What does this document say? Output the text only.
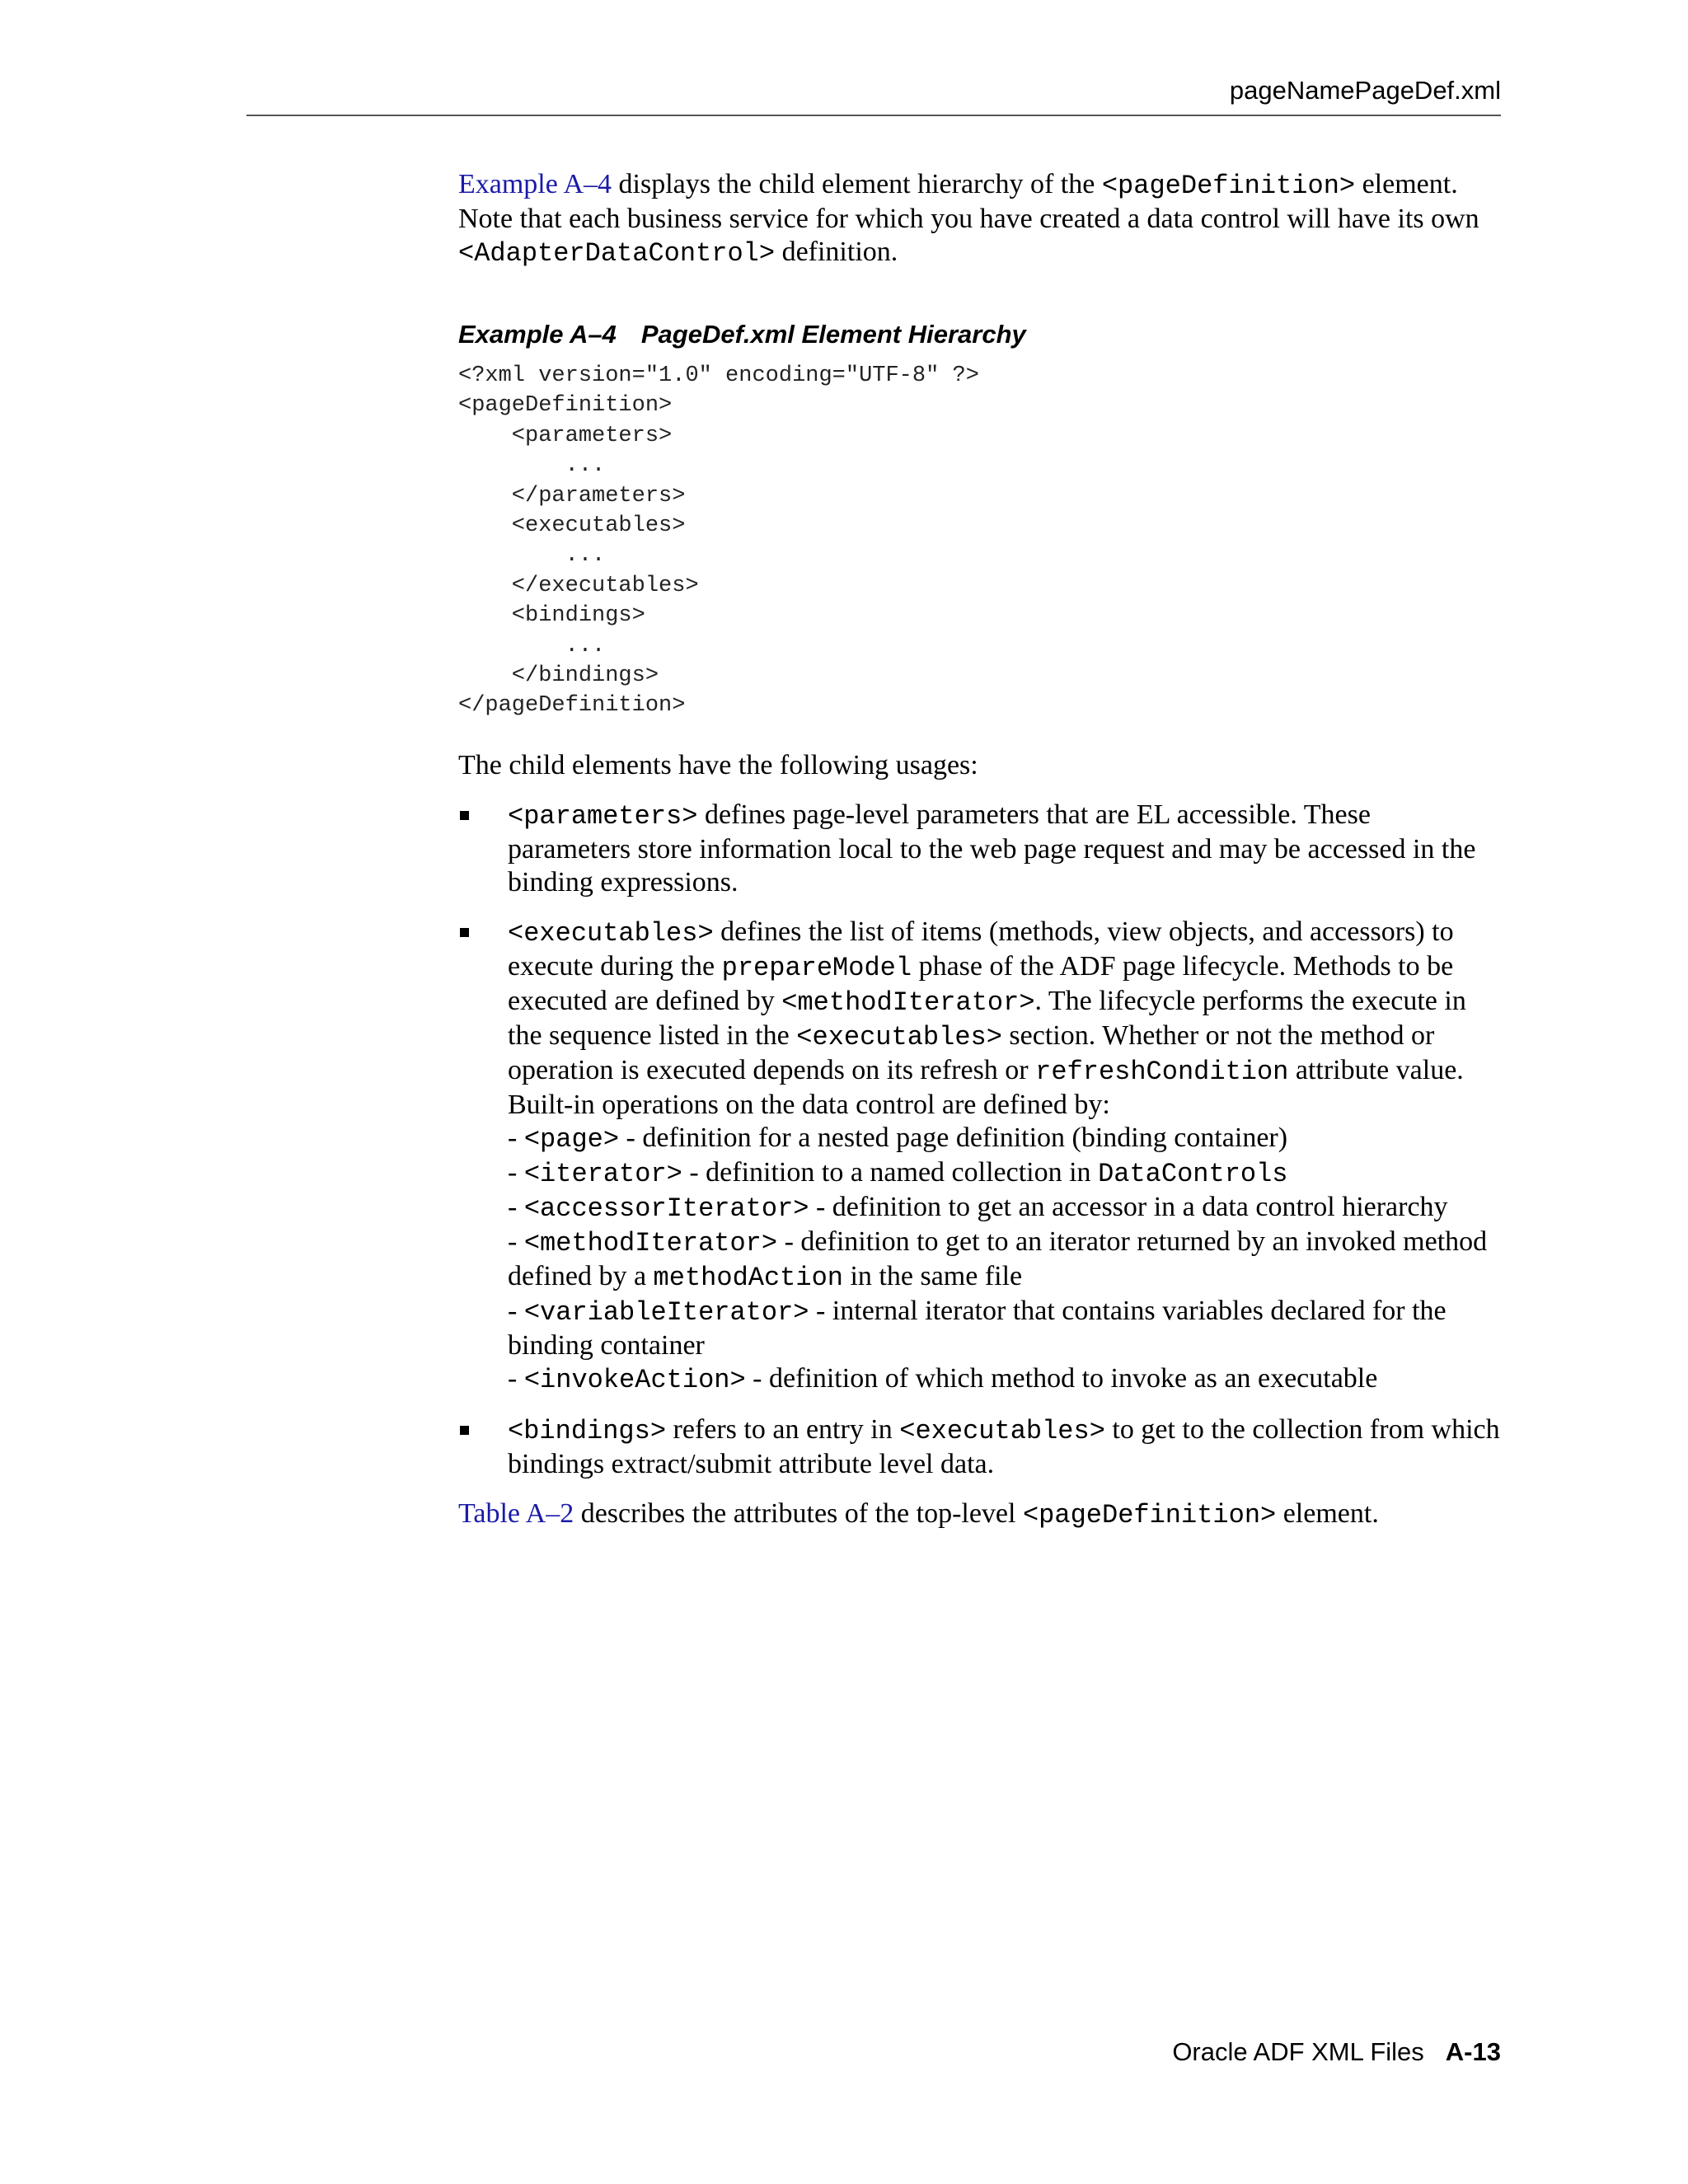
pageNamePageDef.xml

Example A–4 displays the child element hierarchy of the <pageDefinition> element. Note that each business service for which you have created a data control will have its own <AdapterDataControl> definition.

Example A–4 PageDef.xml Element Hierarchy
<?xml version="1.0" encoding="UTF-8" ?>
<pageDefinition>
<parameters>
...
</parameters>
<executables>
...
</executables>
<bindings>
...
</bindings>
</pageDefinition>

The child elements have the following usages:

<parameters> defines page-level parameters that are EL accessible. These parameters store information local to the web page request and may be accessed in the binding expressions.

<executables> defines the list of items (methods, view objects, and accessors) to execute during the prepareModel phase of the ADF page lifecycle. Methods to be executed are defined by <methodIterator>. The lifecycle performs the execute in the sequence listed in the <executables> section. Whether or not the method or operation is executed depends on its refresh or refreshCondition attribute value. Built-in operations on the data control are defined by:

- <page> - definition for a nested page definition (binding container)

- <iterator> - definition to a named collection in DataControls

- <accessorIterator> - definition to get an accessor in a data control hierarchy

- <methodIterator> - definition to get to an iterator returned by an invoked method defined by a methodAction in the same file

- <variableIterator> - internal iterator that contains variables declared for the binding container

- <invokeAction> - definition of which method to invoke as an executable

<bindings> refers to an entry in <executables> to get to the collection from which bindings extract/submit attribute level data.

Table A–2 describes the attributes of the top-level <pageDefinition> element.

Oracle ADF XML Files A-13
